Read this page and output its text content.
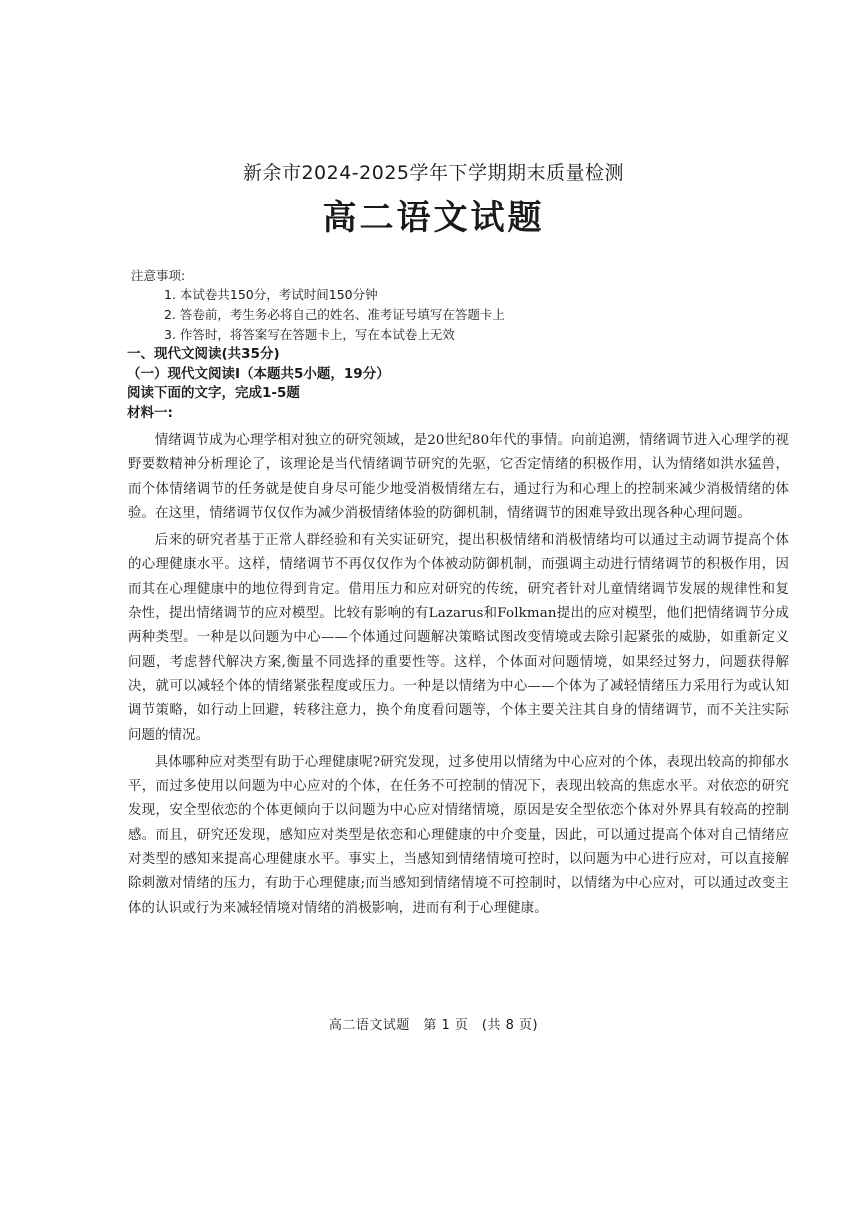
新余市2024-2025学年下学期期末质量检测
高二语文试题
注意事项:
1. 本试卷共150分，考试时间150分钟
2. 答卷前，考生务必将自己的姓名、准考证号填写在答题卡上
3. 作答时，将答案写在答题卡上，写在本试卷上无效
一、现代文阅读(共35分)
（一）现代文阅读Ⅰ（本题共5小题，19分）
阅读下面的文字，完成1-5题
材料一:

情绪调节成为心理学相对独立的研究领域，是20世纪80年代的事情。向前追溯，情绪调节进入心理学的视野要数精神分析理论了，该理论是当代情绪调节研究的先驱，它否定情绪的积极作用，认为情绪如洪水猛兽，而个体情绪调节的任务就是使自身尽可能少地受消极情绪左右，通过行为和心理上的控制来减少消极情绪的体验。在这里，情绪调节仅仅作为减少消极情绪体验的防御机制，情绪调节的困难导致出现各种心理问题。

后来的研究者基于正常人群经验和有关实证研究，提出积极情绪和消极情绪均可以通过主动调节提高个体的心理健康水平。这样，情绪调节不再仅仅作为个体被动防御机制，而强调主动进行情绪调节的积极作用，因而其在心理健康中的地位得到肯定。借用压力和应对研究的传统，研究者针对儿童情绪调节发展的规律性和复杂性，提出情绪调节的应对模型。比较有影响的有Lazarus和Folkman提出的应对模型，他们把情绪调节分成两种类型。一种是以问题为中心——个体通过问题解决策略试图改变情境或去除引起紧张的威胁，如重新定义问题，考虑替代解决方案,衡量不同选择的重要性等。这样，个体面对问题情境，如果经过努力，问题获得解决，就可以减轻个体的情绪紧张程度或压力。一种是以情绪为中心——个体为了减轻情绪压力采用行为或认知调节策略，如行动上回避，转移注意力，换个角度看问题等，个体主要关注其自身的情绪调节，而不关注实际问题的情况。

具体哪种应对类型有助于心理健康呢?研究发现，过多使用以情绪为中心应对的个体，表现出较高的抑郁水平，而过多使用以问题为中心应对的个体，在任务不可控制的情况下，表现出较高的焦虑水平。对依恋的研究发现，安全型依恋的个体更倾向于以问题为中心应对情绪情境，原因是安全型依恋个体对外界具有较高的控制感。而且，研究还发现，感知应对类型是依恋和心理健康的中介变量，因此，可以通过提高个体对自己情绪应对类型的感知来提高心理健康水平。事实上，当感知到情绪情境可控时，以问题为中心进行应对，可以直接解除刺激对情绪的压力，有助于心理健康;而当感知到情绪情境不可控制时，以情绪为中心应对，可以通过改变主体的认识或行为来减轻情境对情绪的消极影响，进而有利于心理健康。

高二语文试题　第 1 页　(共 8 页)
